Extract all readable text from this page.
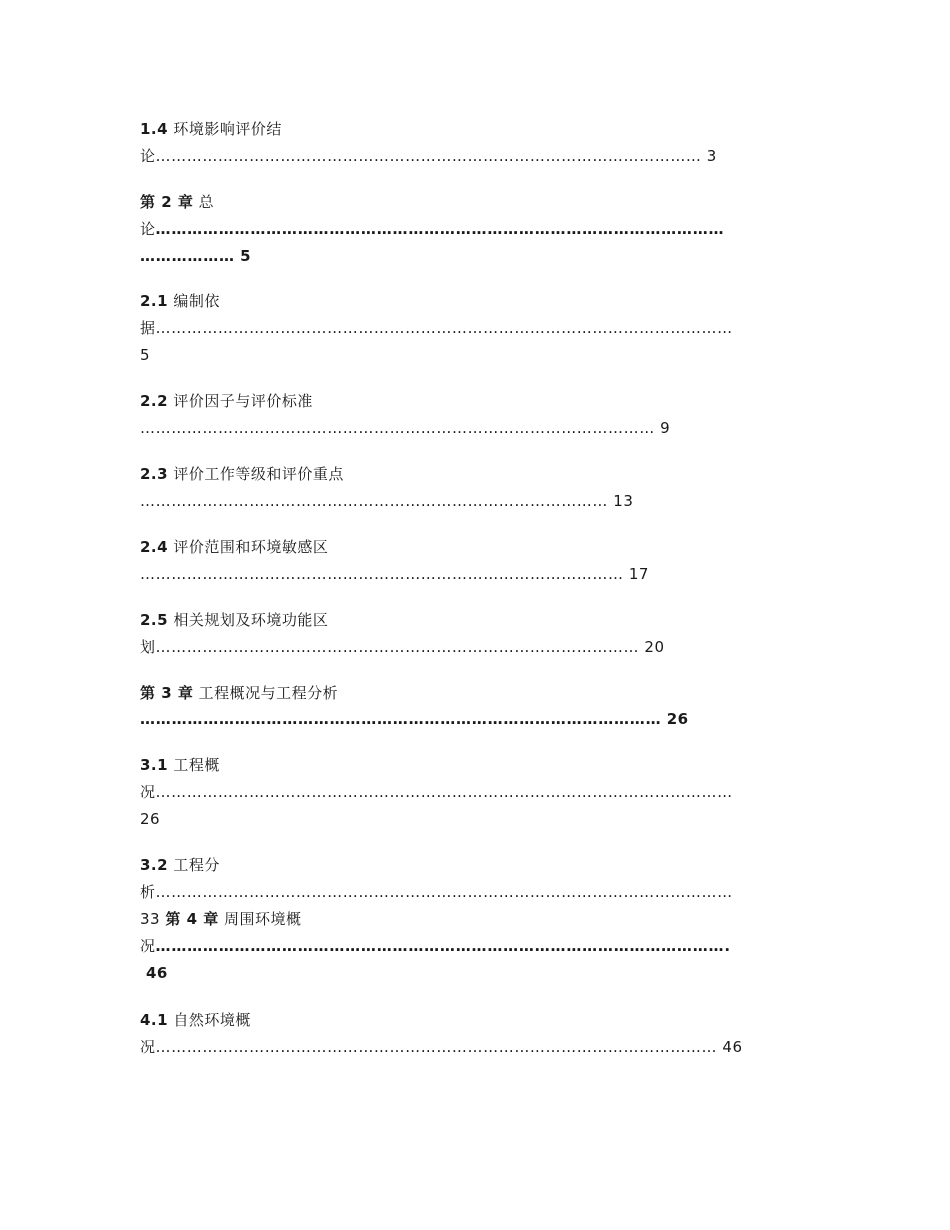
1.4 环境影响评价结
论…………………………………………………………………………………………… 3
第 2 章 总
论………………………………………………………………………………………………
……………… 5
2.1 编制依
据…………………………………………………………………………………………………
5
2.2 评价因子与评价标准
……………………………………………………………………………………… 9
2.3 评价工作等级和评价重点
……………………………………………………………………………… 13
2.4 评价范围和环境敏感区
………………………………………………………………………………… 17
2.5 相关规划及环境功能区
划………………………………………………………………………………… 20
第 3 章 工程概况与工程分析
……………………………………………………………………………………… 26
3.1 工程概
况…………………………………………………………………………………………………
26
3.2 工程分
析…………………………………………………………………………………………………
33 第 4 章 周围环境概
况……………………………………………………………………………………………….
46
4.1 自然环境概
况……………………………………………………………………………………………… 46
